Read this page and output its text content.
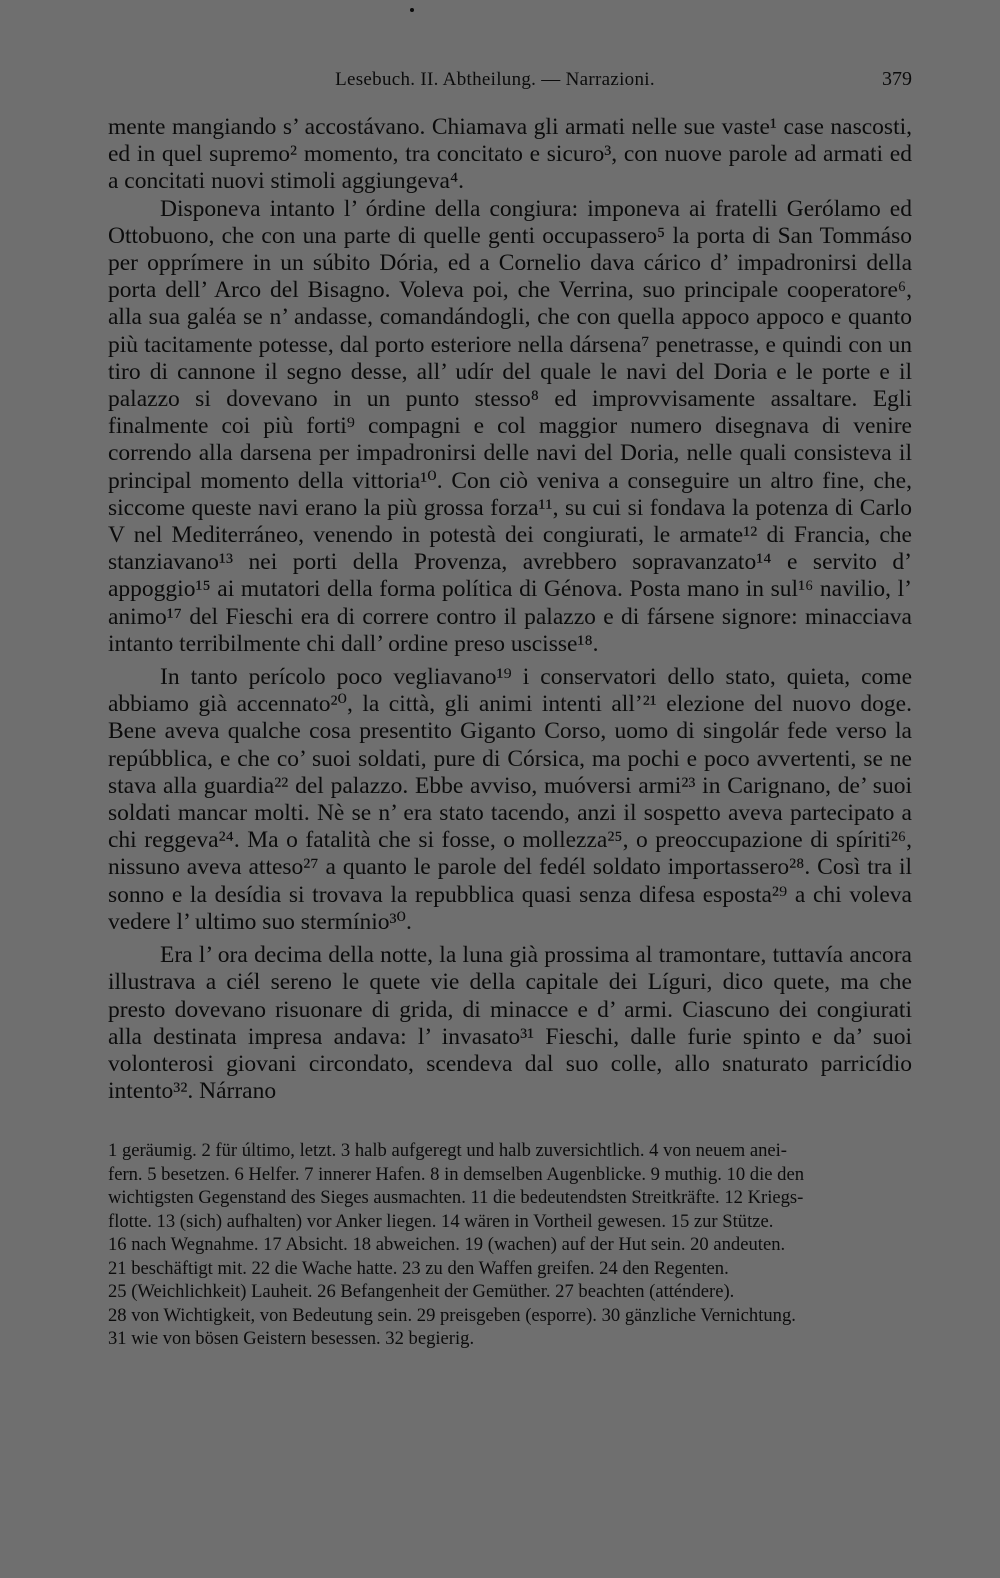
Lesebuch. II. Abtheilung. — Narrazioni.	379

mente mangiando s’ accostávano. Chiamava gli armati nelle sue vaste¹ case nascosti, ed in quel supremo² momento, tra concitato e sicuro³, con nuove parole ad armati ed a concitati nuovi stimoli aggiungeva⁴.

Disponeva intanto l’ órdine della congiura: imponeva ai fratelli Gerólamo ed Ottobuono, che con una parte di quelle genti occupassero⁵ la porta di San Tommáso per opprímere in un súbito Dória, ed a Cornelio dava cárico d’ impadronirsi della porta dell’ Arco del Bisagno. Voleva poi, che Verrina, suo principale cooperatore⁶, alla sua galéa se n’ andasse, comandándogli, che con quella appoco appoco e quanto più tacitamente potesse, dal porto esteriore nella dársena⁷ penetrasse, e quindi con un tiro di cannone il segno desse, all’ udír del quale le navi del Doria e le porte e il palazzo si dovevano in un punto stesso⁸ ed improvvisamente assaltare. Egli finalmente coi più forti⁹ compagni e col maggior numero disegnava di venire correndo alla darsena per impadronirsi delle navi del Doria, nelle quali consisteva il principal momento della vittoria¹⁰. Con ciò veniva a conseguire un altro fine, che, siccome queste navi erano la più grossa forza¹¹, su cui si fondava la potenza di Carlo V nel Mediterráneo, venendo in potestà dei congiurati, le armate¹² di Francia, che stanziavano¹³ nei porti della Provenza, avrebbero sopravanzato¹⁴ e servito d’ appoggio¹⁵ ai mutatori della forma política di Génova. Posta mano in sul¹⁶ navilio, l’ animo¹⁷ del Fieschi era di correre contro il palazzo e di fársene signore: minacciava intanto terribilmente chi dall’ ordine preso uscisse¹⁸.

In tanto perícolo poco vegliavano¹⁹ i conservatori dello stato, quieta, come abbiamo già accennato²⁰, la città, gli animi intenti all’²¹ elezione del nuovo doge. Bene aveva qualche cosa presentito Giganto Corso, uomo di singolár fede verso la repúbblica, e che co’ suoi soldati, pure di Córsica, ma pochi e poco avvertenti, se ne stava alla guardia²² del palazzo. Ebbe avviso, muóversi armi²³ in Carignano, de’ suoi soldati mancar molti. Nè se n’ era stato tacendo, anzi il sospetto aveva partecipato a chi reggeva²⁴. Ma o fatalità che si fosse, o mollezza²⁵, o preoccupazione di spíriti²⁶, nissuno aveva atteso²⁷ a quanto le parole del fedél soldato importassero²⁸. Così tra il sonno e la desídia si trovava la repubblica quasi senza difesa esposta²⁹ a chi voleva vedere l’ ultimo suo stermínio³⁰.

Era l’ ora decima della notte, la luna già prossima al tramontare, tuttavía ancora illustrava a ciél sereno le quete vie della capitale dei Líguri, dico quete, ma che presto dovevano risuonare di grida, di minacce e d’ armi. Ciascuno dei congiurati alla destinata impresa andava: l’ invasato³¹ Fieschi, dalle furie spinto e da’ suoi volonterosi giovani circondato, scendeva dal suo colle, allo snaturato parricídio intento³². Nárrano

1 geräumig. 2 für último, letzt. 3 halb aufgeregt und halb zuversichtlich. 4 von neuem anei-

fern. 5 besetzen. 6 Helfer. 7 innerer Hafen. 8 in demselben Augenblicke. 9 muthig. 10 die den

wichtigsten Gegenstand des Sieges ausmachten. 11 die bedeutendsten Streitkräfte. 12 Kriegs-

flotte. 13 (sich) aufhalten) vor Anker liegen. 14 wären in Vortheil gewesen. 15 zur Stütze.

16 nach Wegnahme. 17 Absicht. 18 abweichen. 19 (wachen) auf der Hut sein. 20 andeuten.

21 beschäftigt mit. 22 die Wache hatte. 23 zu den Waffen greifen. 24 den Regenten.

25 (Weichlichkeit) Lauheit. 26 Befangenheit der Gemüther. 27 beachten (atténdere).

28 von Wichtigkeit, von Bedeutung sein. 29 preisgeben (esporre). 30 gänzliche Vernichtung.

31 wie von bösen Geistern besessen. 32 begierig.
